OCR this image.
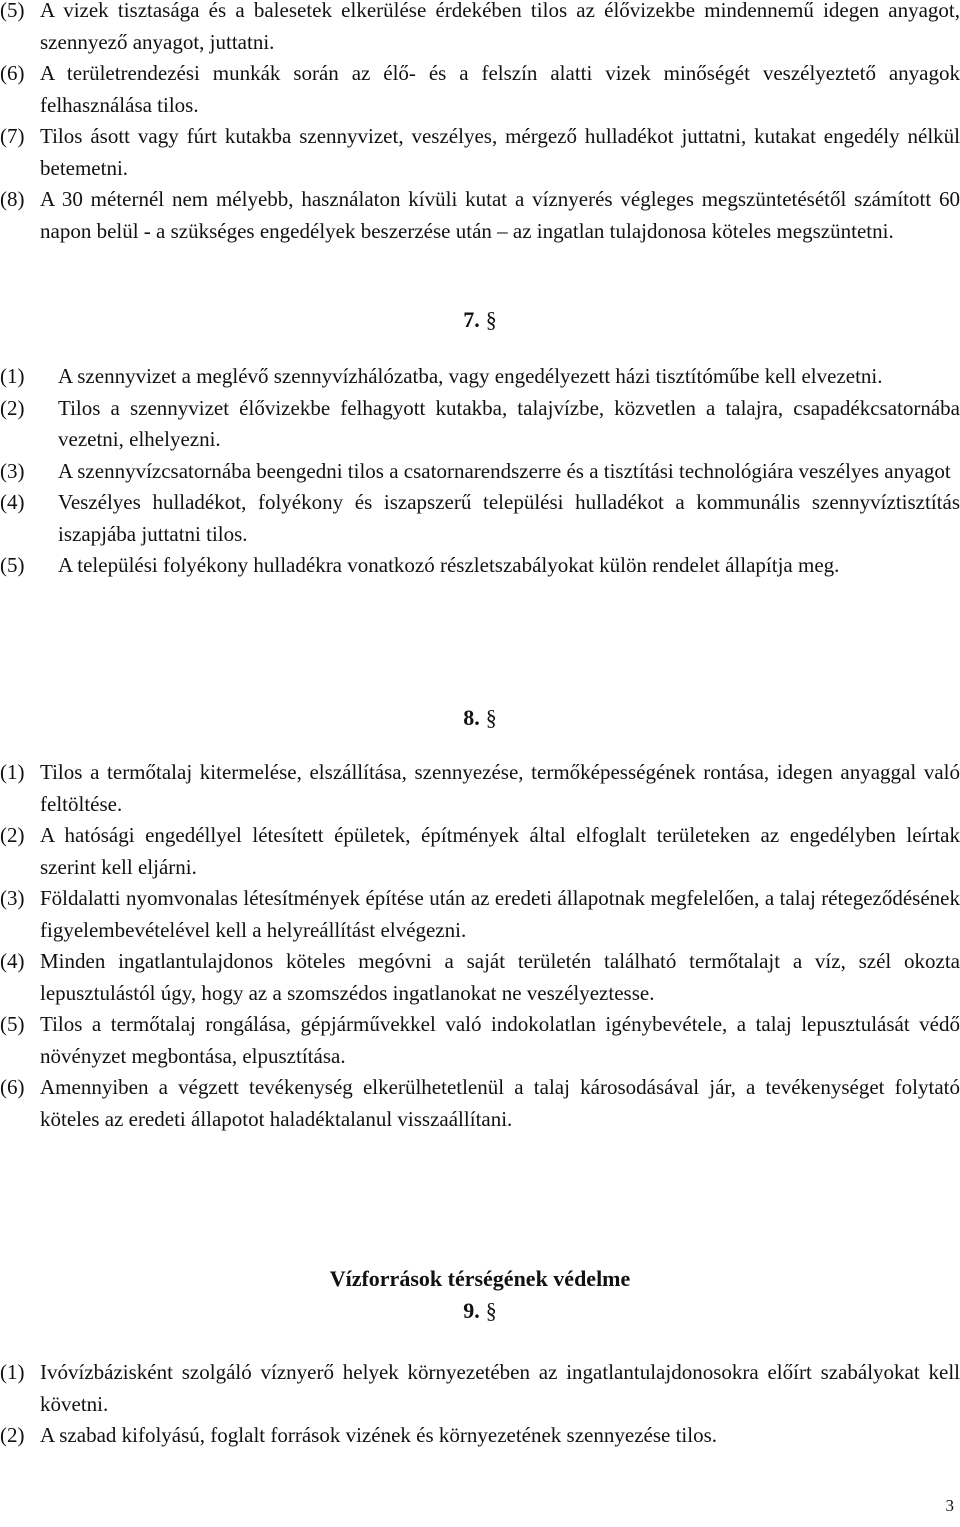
(5) A vizek tisztasága és a balesetek elkerülése érdekében tilos az élővizekbe mindennemű idegen anyagot, szennyező anyagot, juttatni.
(6) A területrendezési munkák során az élő- és a felszín alatti vizek minőségét veszélyeztető anyagok felhasználása tilos.
(7) Tilos ásott vagy fúrt kutakba szennyvizet, veszélyes, mérgező hulladékot juttatni, kutakat engedély nélkül betemetni.
(8) A 30 méternél nem mélyebb, használaton kívüli kutat a víznyerés végleges megszüntetésétől számított 60 napon belül - a szükséges engedélyek beszerzése után – az ingatlan tulajdonosa köteles megszüntetni.
7. §
(1) A szennyvizet a meglévő szennyvízhálózatba, vagy engedélyezett házi tisztítóműbe kell elvezetni.
(2) Tilos a szennyvizet élővizekbe felhagyott kutakba, talajvízbe, közvetlen a talajra, csapadékcsatornába vezetni, elhelyezni.
(3) A szennyvízcsatornába beengedni tilos a csatornarendszerre és a tisztítási technológiára veszélyes anyagot
(4) Veszélyes hulladékot, folyékony és iszapszerű települési hulladékot a kommunális szennyvíztisztítás iszapjába juttatni tilos.
(5) A települési folyékony hulladékra vonatkozó részletszabályokat külön rendelet állapítja meg.
8. §
(1) Tilos a termőtalaj kitermelése, elszállítása, szennyezése, termőképességének rontása, idegen anyaggal való feltöltése.
(2) A hatósági engedéllyel létesített épületek, építmények által elfoglalt területeken az engedélyben leírtak szerint kell eljárni.
(3) Földalatti nyomvonalas létesítmények építése után az eredeti állapotnak megfelelően, a talaj rétegeződésének figyelembevételével kell a helyreállítást elvégezni.
(4) Minden ingatlantulajdonos köteles megóvni a saját területén található termőtalajt a víz, szél okozta lepusztulástól úgy, hogy az a szomszédos ingatlanokat ne veszélyeztesse.
(5) Tilos a termőtalaj rongálása, gépjárművekkel való indokolatlan igénybevétele, a talaj lepusztulását védő növényzet megbontása, elpusztítása.
(6) Amennyiben a végzett tevékenység elkerülhetetlenül a talaj károsodásával jár, a tevékenységet folytató köteles az eredeti állapotot haladéktalanul visszaállítani.
Vízforrások térségének védelme
9. §
(1) Ivóvízbázisként szolgáló víznyerő helyek környezetében az ingatlantulajdonosokra előírt szabályokat kell követni.
(2) A szabad kifolyású, foglalt források vizének és környezetének szennyezése tilos.
3
